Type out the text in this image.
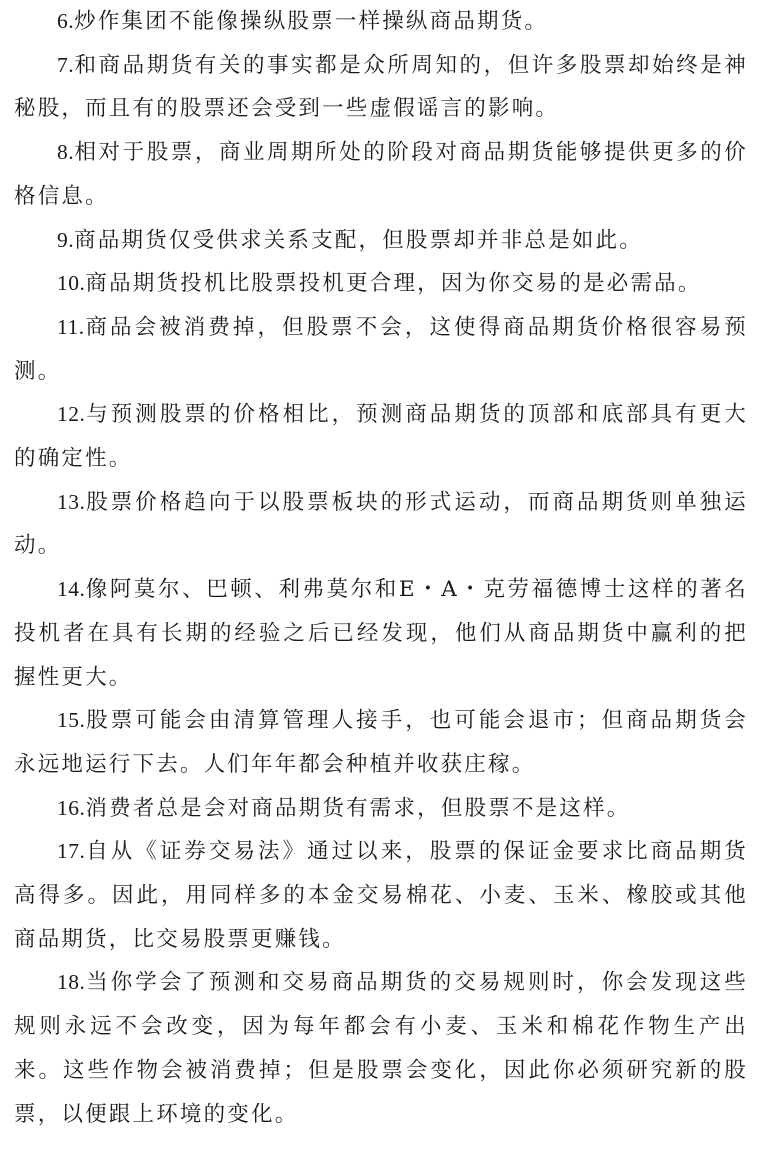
6.炒作集团不能像操纵股票一样操纵商品期货。

7.和商品期货有关的事实都是众所周知的，但许多股票却始终是神秘股，而且有的股票还会受到一些虚假谣言的影响。

8.相对于股票，商业周期所处的阶段对商品期货能够提供更多的价格信息。

9.商品期货仅受供求关系支配，但股票却并非总是如此。

10.商品期货投机比股票投机更合理，因为你交易的是必需品。

11.商品会被消费掉，但股票不会，这使得商品期货价格很容易预测。

12.与预测股票的价格相比，预测商品期货的顶部和底部具有更大的确定性。

13.股票价格趋向于以股票板块的形式运动，而商品期货则单独运动。

14.像阿莫尔、巴顿、利弗莫尔和E・A・克劳福德博士这样的著名投机者在具有长期的经验之后已经发现，他们从商品期货中赢利的把握性更大。

15.股票可能会由清算管理人接手，也可能会退市；但商品期货会永远地运行下去。人们年年都会种植并收获庄稼。

16.消费者总是会对商品期货有需求，但股票不是这样。

17.自从《证券交易法》通过以来，股票的保证金要求比商品期货高得多。因此，用同样多的本金交易棉花、小麦、玉米、橡胶或其他商品期货，比交易股票更赚钱。

18.当你学会了预测和交易商品期货的交易规则时，你会发现这些规则永远不会改变，因为每年都会有小麦、玉米和棉花作物生产出来。这些作物会被消费掉；但是股票会变化，因此你必须研究新的股票，以便跟上环境的变化。
